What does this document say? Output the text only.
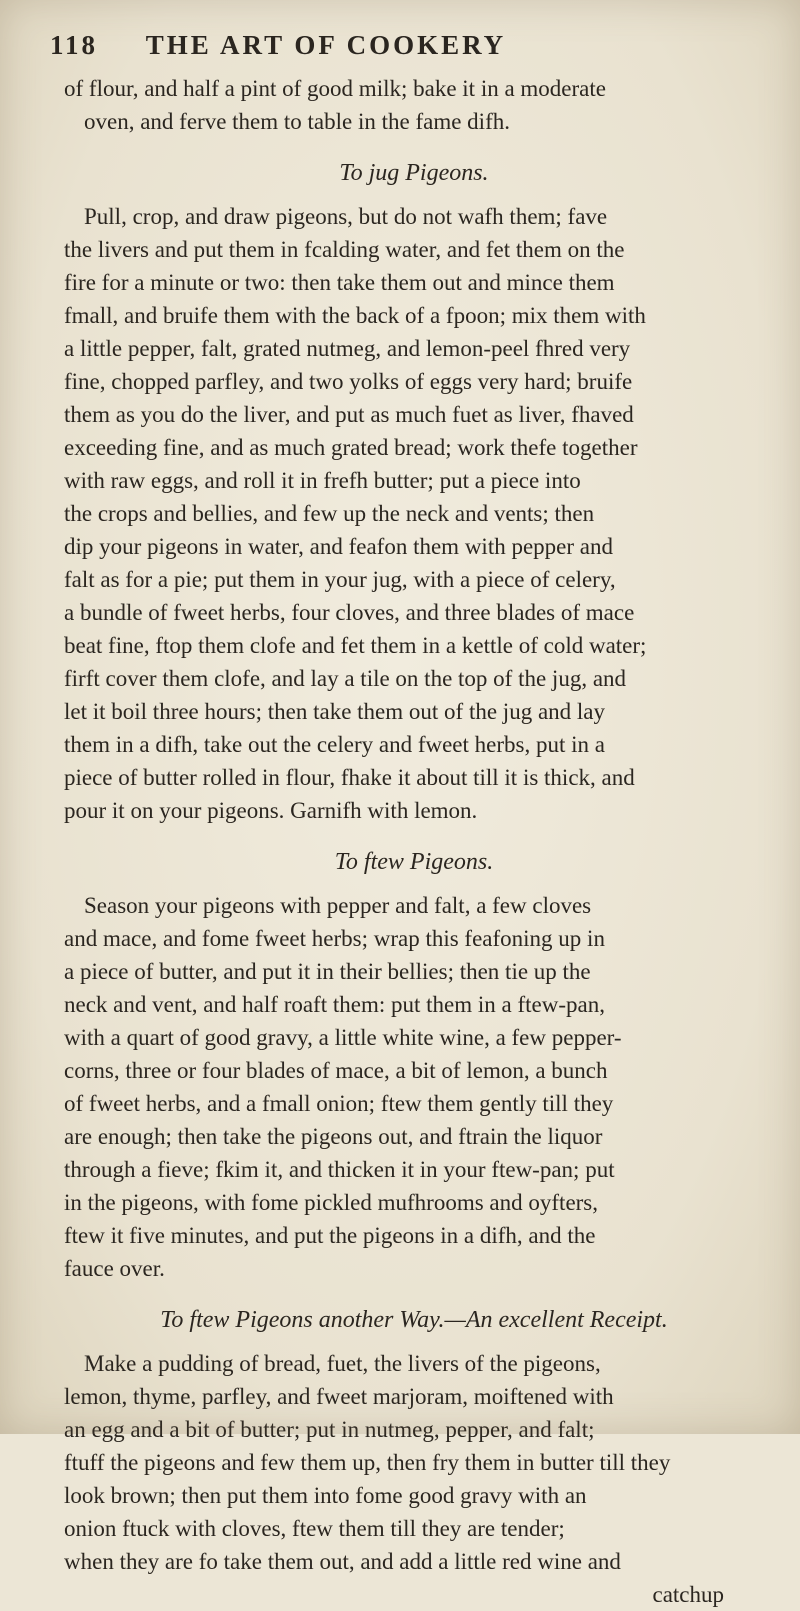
118 THE ART OF COOKERY
of flour, and half a pint of good milk; bake it in a moderate
oven, and ferve them to table in the fame difh.
To jug Pigeons.
Pull, crop, and draw pigeons, but do not wafh them; fave
the livers and put them in fcalding water, and fet them on the
fire for a minute or two: then take them out and mince them
fmall, and bruife them with the back of a fpoon; mix them with
a little pepper, falt, grated nutmeg, and lemon-peel fhred very
fine, chopped parfley, and two yolks of eggs very hard; bruife
them as you do the liver, and put as much fuet as liver, fhaved
exceeding fine, and as much grated bread; work thefe together
with raw eggs, and roll it in frefh butter; put a piece into
the crops and bellies, and few up the neck and vents; then
dip your pigeons in water, and feafon them with pepper and
falt as for a pie; put them in your jug, with a piece of celery,
a bundle of fweet herbs, four cloves, and three blades of mace
beat fine, ftop them clofe and fet them in a kettle of cold water;
firft cover them clofe, and lay a tile on the top of the jug, and
let it boil three hours; then take them out of the jug and lay
them in a difh, take out the celery and fweet herbs, put in a
piece of butter rolled in flour, fhake it about till it is thick, and
pour it on your pigeons. Garnifh with lemon.
To ftew Pigeons.
Season your pigeons with pepper and falt, a few cloves
and mace, and fome fweet herbs; wrap this feafoning up in
a piece of butter, and put it in their bellies; then tie up the
neck and vent, and half roaft them: put them in a ftew-pan,
with a quart of good gravy, a little white wine, a few pepper-
corns, three or four blades of mace, a bit of lemon, a bunch
of fweet herbs, and a fmall onion; ftew them gently till they
are enough; then take the pigeons out, and ftrain the liquor
through a fieve; fkim it, and thicken it in your ftew-pan; put
in the pigeons, with fome pickled mufhrooms and oyfters,
ftew it five minutes, and put the pigeons in a difh, and the
fauce over.
To ftew Pigeons another Way.—An excellent Receipt.
Make a pudding of bread, fuet, the livers of the pigeons,
lemon, thyme, parfley, and fweet marjoram, moiftened with
an egg and a bit of butter; put in nutmeg, pepper, and falt;
ftuff the pigeons and few them up, then fry them in butter till they
look brown; then put them into fome good gravy with an
onion ftuck with cloves, ftew them till they are tender;
when they are fo take them out, and add a little red wine and
catchup
